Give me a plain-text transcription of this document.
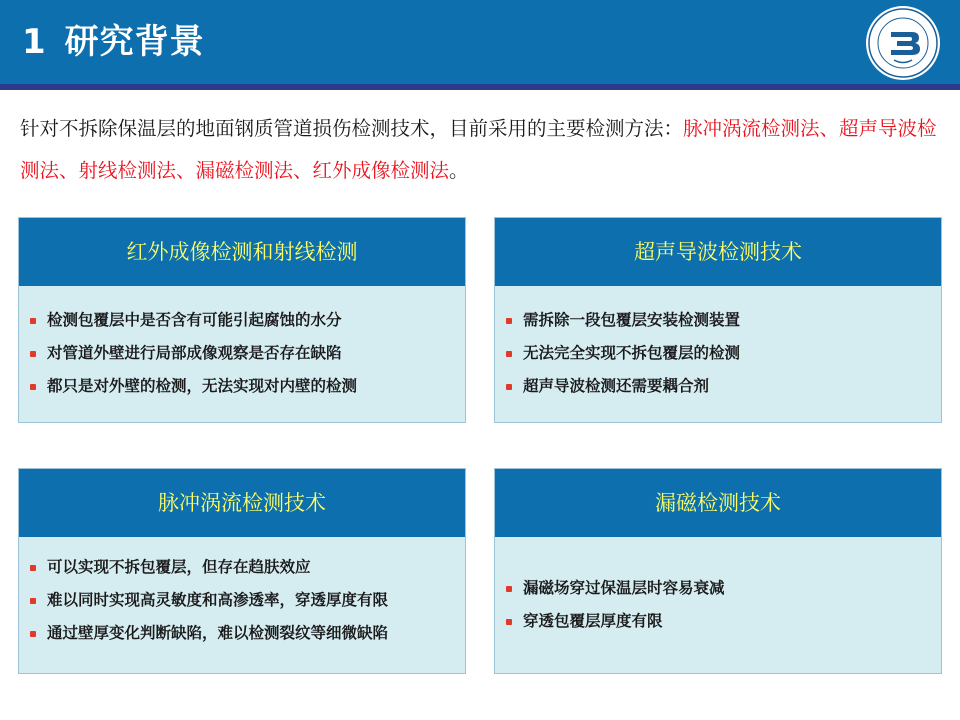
1 研究背景
针对不拆除保温层的地面钢质管道损伤检测技术，目前采用的主要检测方法：脉冲涡流检测法、超声导波检测法、射线检测法、漏磁检测法、红外成像检测法。
红外成像检测和射线检测
检测包覆层中是否含有可能引起腐蚀的水分
对管道外壁进行局部成像观察是否存在缺陷
都只是对外壁的检测，无法实现对内壁的检测
超声导波检测技术
需拆除一段包覆层安装检测装置
无法完全实现不拆包覆层的检测
超声导波检测还需要耦合剂
脉冲涡流检测技术
可以实现不拆包覆层，但存在趋肤效应
难以同时实现高灵敏度和高渗透率，穿透厚度有限
通过壁厚变化判断缺陷，难以检测裂纹等细微缺陷
漏磁检测技术
漏磁场穿过保温层时容易衰减
穿透包覆层厚度有限
